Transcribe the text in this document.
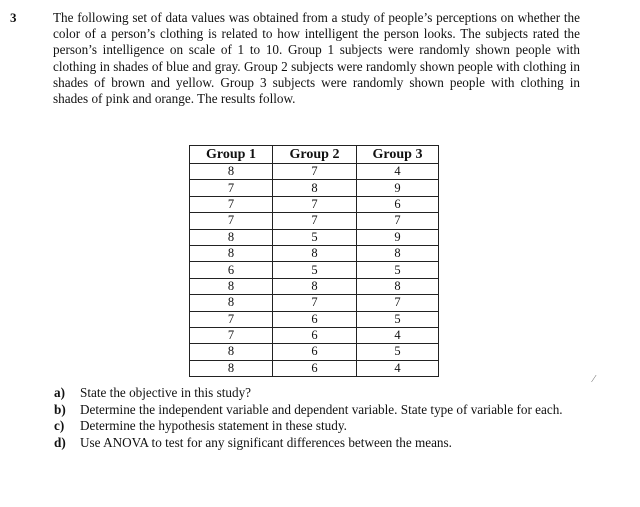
3	The following set of data values was obtained from a study of people’s perceptions on whether the color of a person’s clothing is related to how intelligent the person looks. The subjects rated the person’s intelligence on scale of 1 to 10. Group 1 subjects were randomly shown people with clothing in shades of blue and gray. Group 2 subjects were randomly shown people with clothing in shades of brown and yellow. Group 3 subjects were randomly shown people with clothing in shades of pink and orange. The results follow.
Group 1	Group 2	Group 3
8	7	4
7	8	9
7	7	6
7	7	7
8	5	9
8	8	8
6	5	5
8	8	8
8	7	7
7	6	5
7	6	4
8	6	5
8	6	4
⁄
a)	State the objective in this study?
b)	Determine the independent variable and dependent variable. State type of variable for each.
c)	Determine the hypothesis statement in these study.
d)	Use ANOVA to test for any significant differences between the means.
